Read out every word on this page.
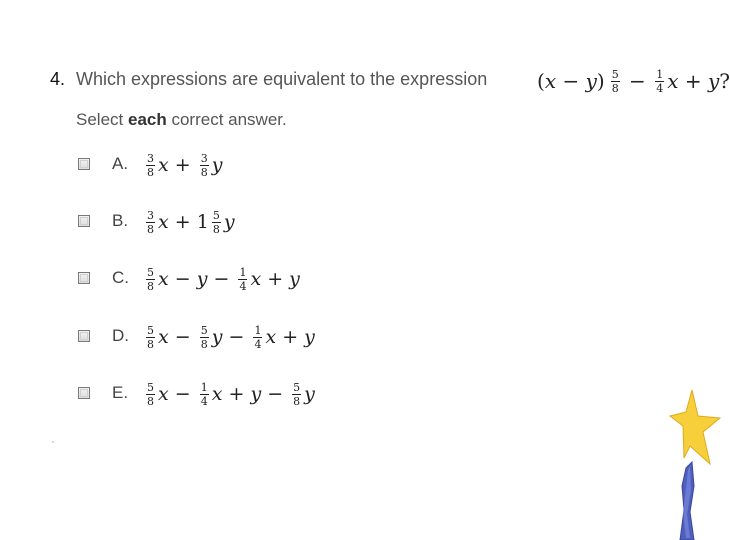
4. Which expressions are equivalent to the expression ( x − y ) $\frac{5}{8} - \frac{1}{4}$ x + y ?
Select each correct answer.
A. $\frac{3}{8}$ $x + \frac{3}{8}$ y
B. $\frac{3}{8}$ $x + 1 \frac{5}{8}$ y
C. $\frac{5}{8}$ $x - y - \frac{1}{4}$ x + y
D. $\frac{5}{8}$ $x - \frac{5}{8}$ $y - \frac{1}{4}$ x + y
E. $\frac{5}{8}$ $x - \frac{1}{4}$ $x + y - \frac{5}{8}$ y
